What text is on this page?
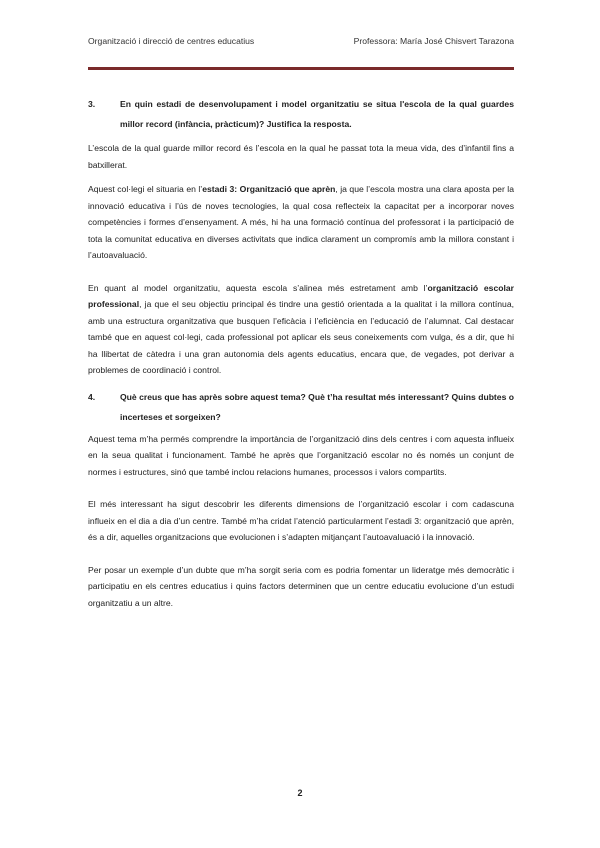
Organització i direcció de centres educatius	Professora: María José Chisvert Tarazona
3.	En quin estadi de desenvolupament i model organitzatiu se situa l'escola de la qual guardes millor record (infància, pràcticum)? Justifica la resposta.

L’escola de la qual guarde millor record és l’escola en la qual he passat tota la meua vida, des d’infantil fins a batxillerat.

Aquest col·legi el situaria en l’estadi 3: Organització que aprèn, ja que l’escola mostra una clara aposta per la innovació educativa i l’ús de noves tecnologies, la qual cosa reflecteix la capacitat per a incorporar noves competències i formes d’ensenyament. A més, hi ha una formació contínua del professorat i la participació de tota la comunitat educativa en diverses activitats que indica clarament un compromís amb la millora constant i l’autoavaluació.

En quant al model organitzatiu, aquesta escola s’alinea més estretament amb l’organització escolar professional, ja que el seu objectiu principal és tindre una gestió orientada a la qualitat i la millora contínua, amb una estructura organitzativa que busquen l’eficàcia i l’eficiència en l’educació de l’alumnat. Cal destacar també que en aquest col·legi, cada professional pot aplicar els seus coneixements com vulga, és a dir, que hi ha llibertat de càtedra i una gran autonomia dels agents educatius, encara que, de vegades, pot derivar a problemes de coordinació i control.

4.	Què creus que has après sobre aquest tema? Què t’ha resultat més interessant? Quins dubtes o incerteses et sorgeixen?

Aquest tema m’ha permés comprendre la importància de l’organització dins dels centres i com aquesta influeix en la seua qualitat i funcionament. També he après que l’organització escolar no és només un conjunt de normes i estructures, sinó que també inclou relacions humanes, processos i valors compartits.

El més interessant ha sigut descobrir les diferents dimensions de l’organització escolar i com cadascuna influeix en el dia a dia d’un centre. També m’ha cridat l’atenció particularment l’estadi 3: organització que aprèn, és a dir, aquelles organitzacions que evolucionen i s’adapten mitjançant l’autoavaluació i la innovació.

Per posar un exemple d’un dubte que m’ha sorgit seria com es podria fomentar un lideratge més democràtic i participatiu en els centres educatius i quins factors determinen que un centre educatiu evolucione d’un estudi organitzatiu a un altre.

2
